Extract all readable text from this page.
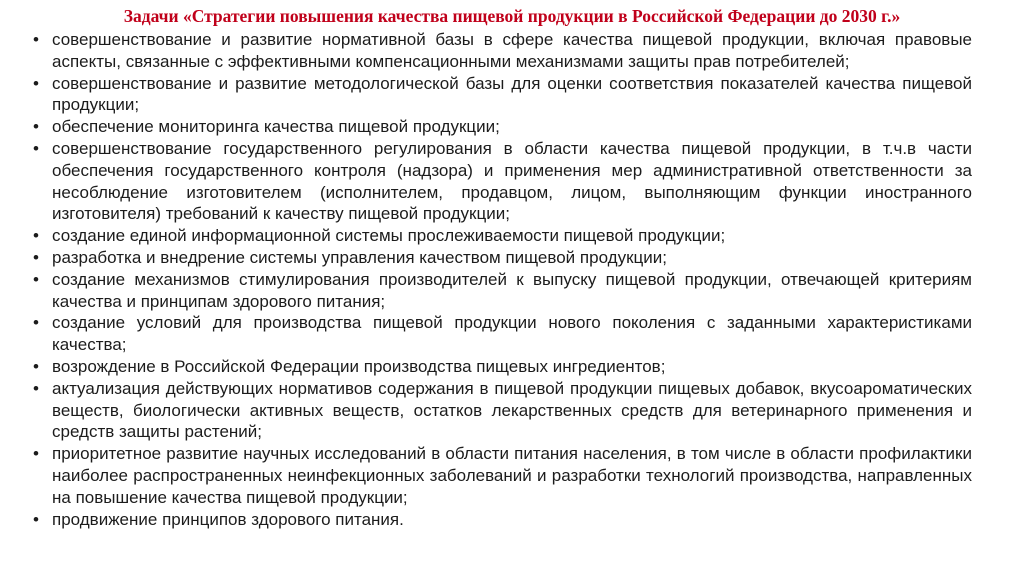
Задачи «Стратегии повышения качества пищевой продукции в Российской Федерации до 2030 г.»
• совершенствование и развитие нормативной базы в сфере качества пищевой продукции, включая правовые аспекты, связанные с эффективными компенсационными механизмами защиты прав потребителей;
• совершенствование и развитие методологической базы для оценки соответствия показателей качества пищевой продукции;
• обеспечение мониторинга качества пищевой продукции;
• совершенствование государственного регулирования в области качества пищевой продукции, в т.ч.в части обеспечения государственного контроля (надзора) и применения мер административной ответственности за несоблюдение изготовителем (исполнителем, продавцом, лицом, выполняющим функции иностранного изготовителя) требований к качеству пищевой продукции;
• создание единой информационной системы прослеживаемости пищевой продукции;
• разработка и внедрение системы управления качеством пищевой продукции;
• создание механизмов стимулирования производителей к выпуску пищевой продукции, отвечающей критериям качества и принципам здорового питания;
• создание условий для производства пищевой продукции нового поколения с заданными характеристиками качества;
• возрождение в Российской Федерации производства пищевых ингредиентов;
• актуализация действующих нормативов содержания в пищевой продукции пищевых добавок, вкусоароматических веществ, биологически активных веществ, остатков лекарственных средств для ветеринарного применения и средств защиты растений;
• приоритетное развитие научных исследований в области питания населения, в том числе в области профилактики наиболее распространенных неинфекционных заболеваний и разработки технологий производства, направленных на повышение качества пищевой продукции;
• продвижение принципов здорового питания.
